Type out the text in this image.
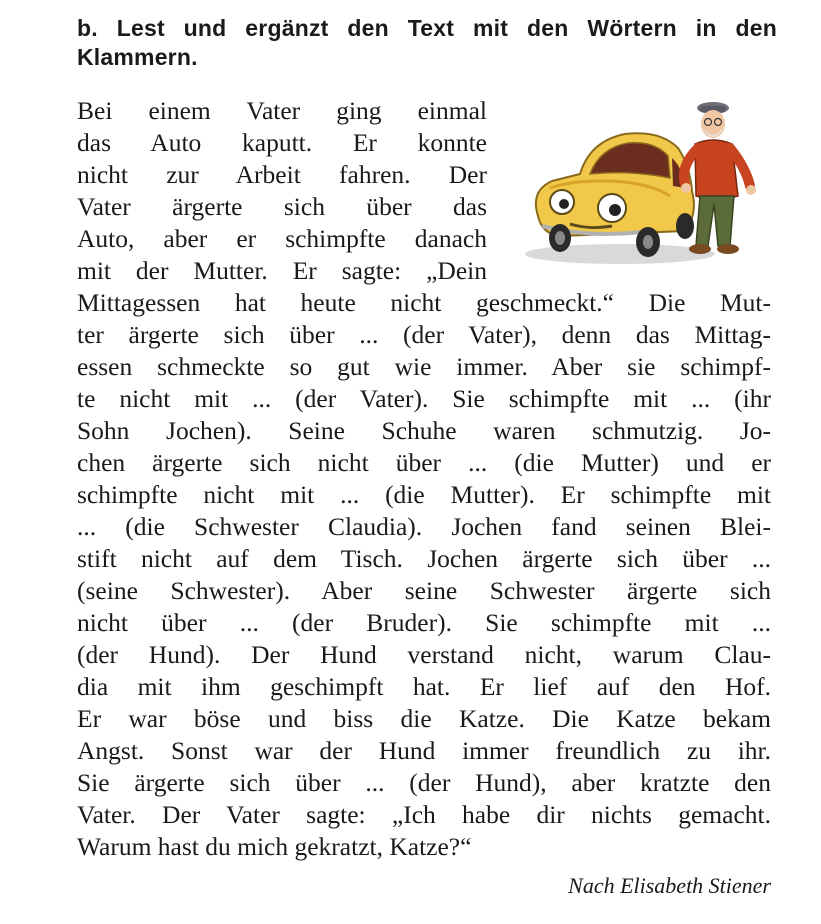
b. Lest und ergänzt den Text mit den Wörtern in den Klammern.
Bei einem Vater ging einmal
das Auto kaputt. Er konnte
nicht zur Arbeit fahren. Der
Vater ärgerte sich über das
Auto, aber er schimpfte danach
mit der Mutter. Er sagte: „Dein
Mittagessen hat heute nicht geschmeckt.“ Die Mut-
ter ärgerte sich über ... (der Vater), denn das Mittag-
essen schmeckte so gut wie immer. Aber sie schimpf-
te nicht mit ... (der Vater). Sie schimpfte mit ... (ihr
Sohn Jochen). Seine Schuhe waren schmutzig. Jo-
chen ärgerte sich nicht über ... (die Mutter) und er
schimpfte nicht mit ... (die Mutter). Er schimpfte mit
... (die Schwester Claudia). Jochen fand seinen Blei-
stift nicht auf dem Tisch. Jochen ärgerte sich über ...
(seine Schwester). Aber seine Schwester ärgerte sich
nicht über ... (der Bruder). Sie schimpfte mit ...
(der Hund). Der Hund verstand nicht, warum Clau-
dia mit ihm geschimpft hat. Er lief auf den Hof.
Er war böse und biss die Katze. Die Katze bekam
Angst. Sonst war der Hund immer freundlich zu ihr.
Sie ärgerte sich über ... (der Hund), aber kratzte den
Vater. Der Vater sagte: „Ich habe dir nichts gemacht.
Warum hast du mich gekratzt, Katze?“
Nach Elisabeth Stiener
